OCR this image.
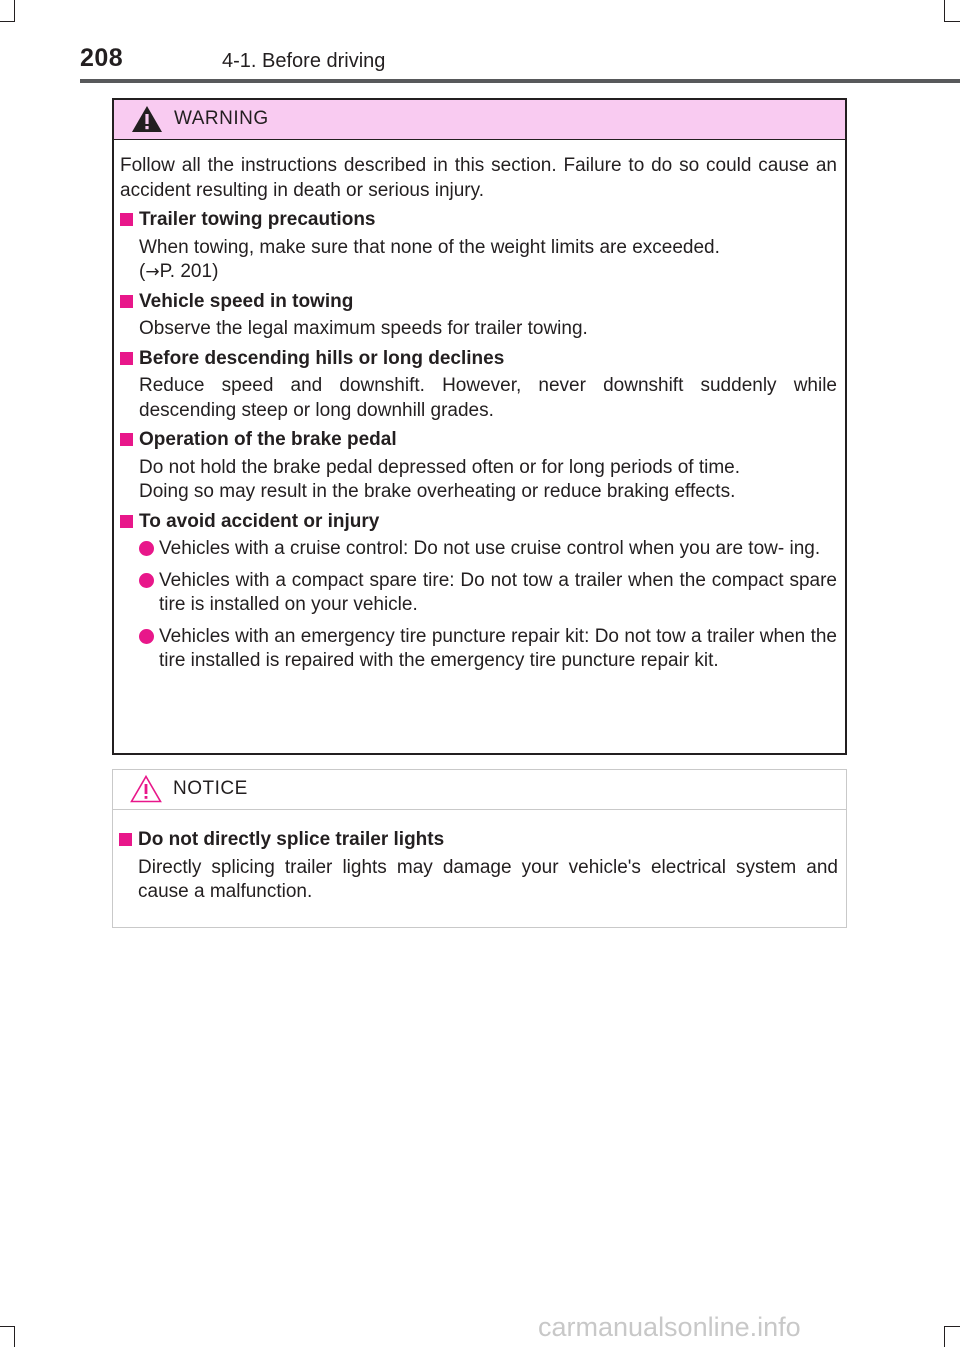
208	4-1. Before driving
WARNING

Follow all the instructions described in this section. Failure to do so could cause an accident resulting in death or serious injury.

Trailer towing precautions
When towing, make sure that none of the weight limits are exceeded.
(→P. 201)
Vehicle speed in towing
Observe the legal maximum speeds for trailer towing.
Before descending hills or long declines
Reduce speed and downshift. However, never downshift suddenly while descending steep or long downhill grades.
Operation of the brake pedal
Do not hold the brake pedal depressed often or for long periods of time.
Doing so may result in the brake overheating or reduce braking effects.
To avoid accident or injury
Vehicles with a cruise control: Do not use cruise control when you are tow- ing.
Vehicles with a compact spare tire: Do not tow a trailer when the compact spare tire is installed on your vehicle.
Vehicles with an emergency tire puncture repair kit: Do not tow a trailer when the tire installed is repaired with the emergency tire puncture repair kit.
NOTICE
Do not directly splice trailer lights
Directly splicing trailer lights may damage your vehicle's electrical system and cause a malfunction.
carmanualsonline.info
